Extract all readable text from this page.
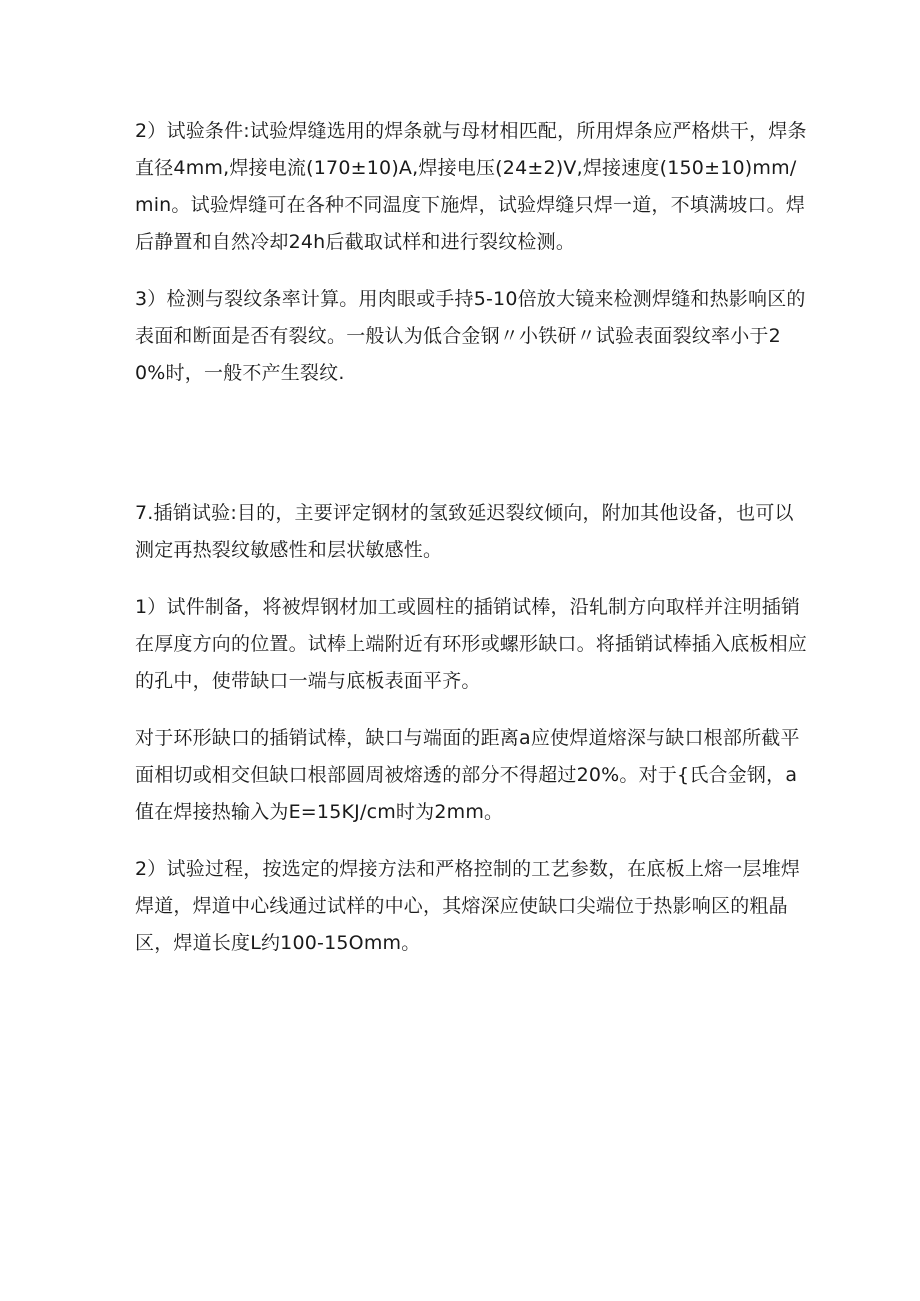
2）试验条件:试验焊缝选用的焊条就与母材相匹配，所用焊条应严格烘干，焊条直径4mm,焊接电流(170±10)A,焊接电压(24±2)V,焊接速度(150±10)mm/min。试验焊缝可在各种不同温度下施焊，试验焊缝只焊一道，不填满坡口。焊后静置和自然冷却24h后截取试样和进行裂纹检测。

3）检测与裂纹条率计算。用肉眼或手持5-10倍放大镜来检测焊缝和热影响区的表面和断面是否有裂纹。一般认为低合金钢〃小铁研〃试验表面裂纹率小于20%时，一般不产生裂纹.

7.插销试验:目的，主要评定钢材的氢致延迟裂纹倾向，附加其他设备，也可以测定再热裂纹敏感性和层状敏感性。

1）试件制备，将被焊钢材加工或圆柱的插销试棒，沿轧制方向取样并注明插销在厚度方向的位置。试棒上端附近有环形或螺形缺口。将插销试棒插入底板相应的孔中，使带缺口一端与底板表面平齐。

对于环形缺口的插销试棒，缺口与端面的距离a应使焊道熔深与缺口根部所截平面相切或相交但缺口根部圆周被熔透的部分不得超过20%。对于{氏合金钢，a值在焊接热输入为E=15KJ/cm时为2mm。

2）试验过程，按选定的焊接方法和严格控制的工艺参数，在底板上熔一层堆焊焊道，焊道中心线通过试样的中心，其熔深应使缺口尖端位于热影响区的粗晶区，焊道长度L约100-15Omm。
